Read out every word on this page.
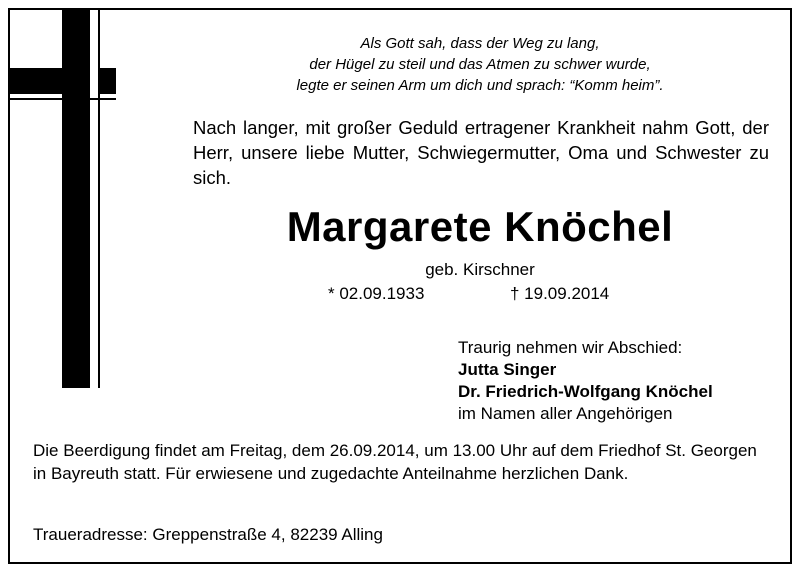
Als Gott sah, dass der Weg zu lang,
der Hügel zu steil und das Atmen zu schwer wurde,
legte er seinen Arm um dich und sprach: “Komm heim”.
Nach langer, mit großer Geduld ertragener Krankheit nahm Gott, der Herr, unsere liebe Mutter, Schwiegermutter, Oma und Schwester zu sich.
Margarete Knöchel
geb. Kirschner
* 02.09.1933	† 19.09.2014
Traurig nehmen wir Abschied:
Jutta Singer
Dr. Friedrich-Wolfgang Knöchel
im Namen aller Angehörigen
Die Beerdigung findet am Freitag, dem 26.09.2014, um 13.00 Uhr auf dem Friedhof St. Georgen in Bayreuth statt. Für erwiesene und zugedachte Anteilnahme herzlichen Dank.
Traueradresse: Greppenstraße 4, 82239 Alling
